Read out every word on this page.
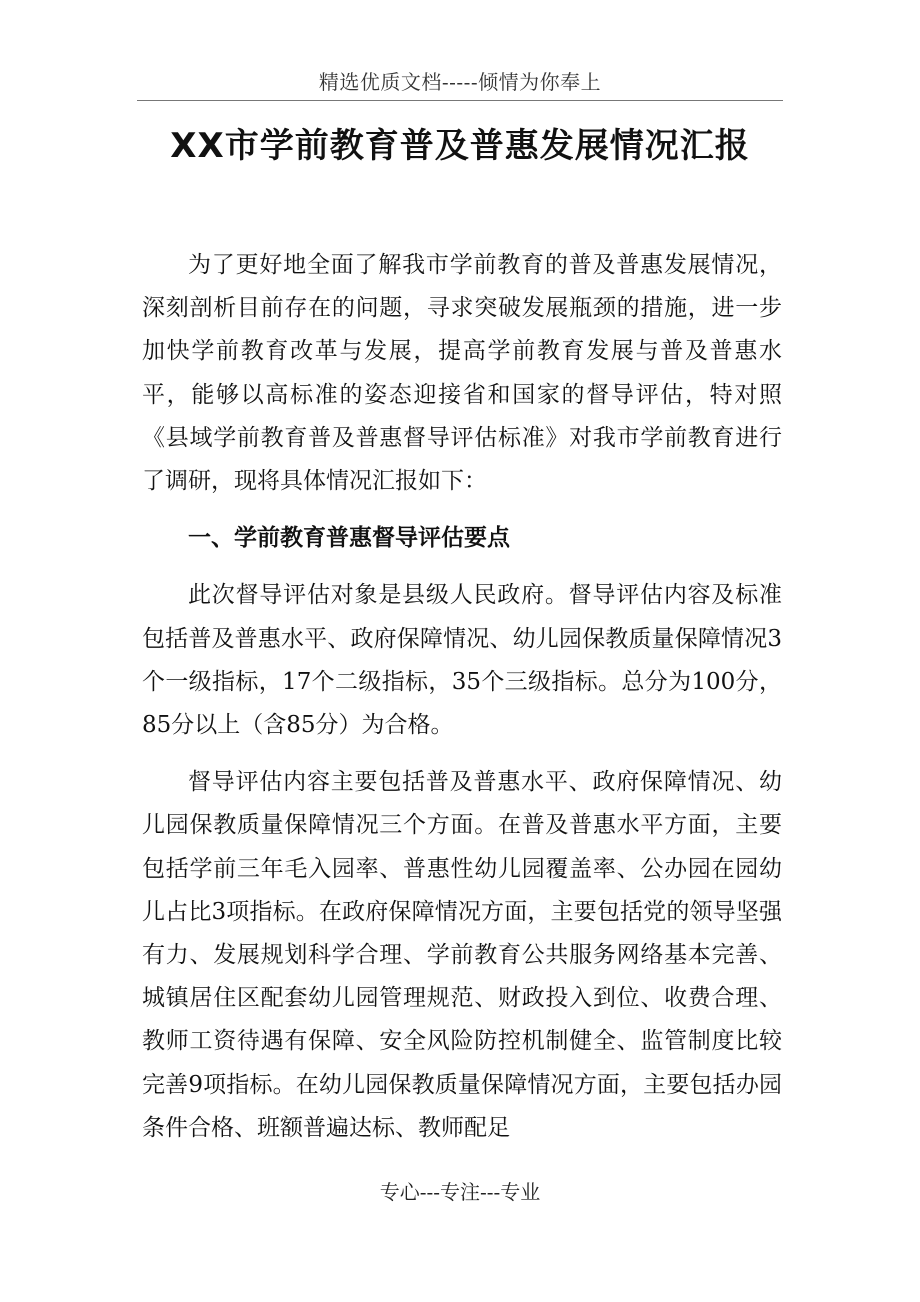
精选优质文档-----倾情为你奉上
XX市学前教育普及普惠发展情况汇报

为了更好地全面了解我市学前教育的普及普惠发展情况，深刻剖析目前存在的问题，寻求突破发展瓶颈的措施，进一步加快学前教育改革与发展，提高学前教育发展与普及普惠水平，能够以高标准的姿态迎接省和国家的督导评估，特对照《县域学前教育普及普惠督导评估标准》对我市学前教育进行了调研，现将具体情况汇报如下：

一、学前教育普惠督导评估要点

此次督导评估对象是县级人民政府。督导评估内容及标准包括普及普惠水平、政府保障情况、幼儿园保教质量保障情况3个一级指标，17个二级指标，35个三级指标。总分为100分，85分以上（含85分）为合格。

督导评估内容主要包括普及普惠水平、政府保障情况、幼儿园保教质量保障情况三个方面。在普及普惠水平方面，主要包括学前三年毛入园率、普惠性幼儿园覆盖率、公办园在园幼儿占比3项指标。在政府保障情况方面，主要包括党的领导坚强有力、发展规划科学合理、学前教育公共服务网络基本完善、城镇居住区配套幼儿园管理规范、财政投入到位、收费合理、教师工资待遇有保障、安全风险防控机制健全、监管制度比较完善9项指标。在幼儿园保教质量保障情况方面，主要包括办园条件合格、班额普遍达标、教师配足

专心---专注---专业
